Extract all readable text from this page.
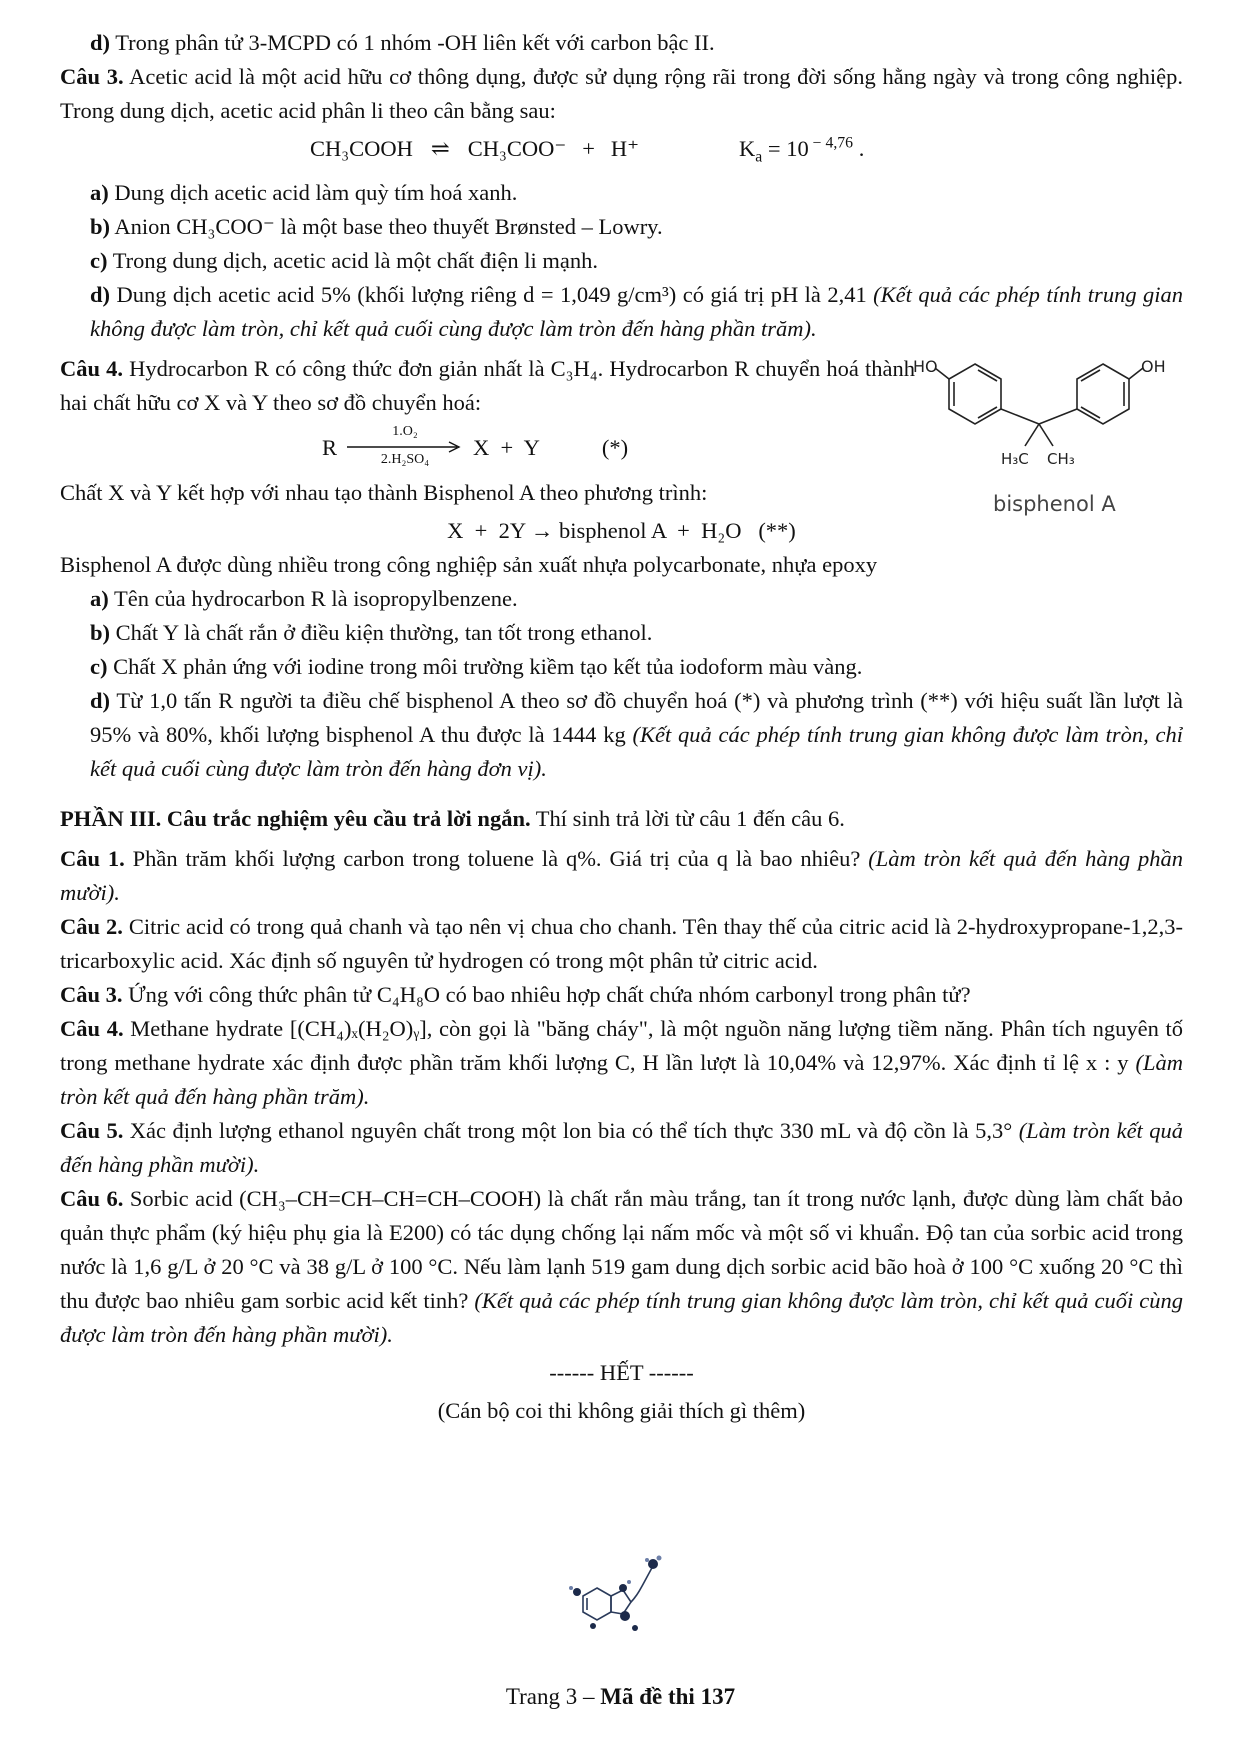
d) Trong phân tử 3-MCPD có 1 nhóm -OH liên kết với carbon bậc II.

Câu 3. Acetic acid là một acid hữu cơ thông dụng, được sử dụng rộng rãi trong đời sống hằng ngày và trong công nghiệp. Trong dung dịch, acetic acid phân li theo cân bằng sau:

CH₃COOH ⇌ CH₃COO⁻ + H⁺	$K_a = 10$ $^{- 4,76}$ .

a) Dung dịch acetic acid làm quỳ tím hoá xanh.

b) Anion CH₃COO⁻ là một base theo thuyết Brønsted – Lowry.

c) Trong dung dịch, acetic acid là một chất điện li mạnh.

d) Dung dịch acetic acid 5% (khối lượng riêng d = 1,049 g/cm³) có giá trị pH là 2,41 (Kết quả các phép tính trung gian không được làm tròn, chỉ kết quả cuối cùng được làm tròn đến hàng phần trăm).

Câu 4. Hydrocarbon R có công thức đơn giản nhất là C₃H₄. Hydrocarbon R chuyển hoá thành hai chất hữu cơ X và Y theo sơ đồ chuyển hoá:

HO	OH
H₃C CH₃
bisphenol A
R
1.O₂
2.H₂SO₄	X  +  Y	(*)

Chất X và Y kết hợp với nhau tạo thành Bisphenol A theo phương trình:

X  +  2Y → bisphenol A  +  H₂O   (**)

Bisphenol A được dùng nhiều trong công nghiệp sản xuất nhựa polycarbonate, nhựa epoxy

a) Tên của hydrocarbon R là isopropylbenzene.

b) Chất Y là chất rắn ở điều kiện thường, tan tốt trong ethanol.

c) Chất X phản ứng với iodine trong môi trường kiềm tạo kết tủa iodoform màu vàng.

d) Từ 1,0 tấn R người ta điều chế bisphenol A theo sơ đồ chuyển hoá (*) và phương trình (**) với hiệu suất lần lượt là 95% và 80%, khối lượng bisphenol A thu được là 1444 kg (Kết quả các phép tính trung gian không được làm tròn, chỉ kết quả cuối cùng được làm tròn đến hàng đơn vị).

PHẦN III. Câu trắc nghiệm yêu cầu trả lời ngắn. Thí sinh trả lời từ câu 1 đến câu 6.

Câu 1. Phần trăm khối lượng carbon trong toluene là q%. Giá trị của q là bao nhiêu? (Làm tròn kết quả đến hàng phần mười).

Câu 2. Citric acid có trong quả chanh và tạo nên vị chua cho chanh. Tên thay thế của citric acid là 2-hydroxypropane-1,2,3-tricarboxylic acid. Xác định số nguyên tử hydrogen có trong một phân tử citric acid.

Câu 3. Ứng với công thức phân tử C₄H₈O có bao nhiêu hợp chất chứa nhóm carbonyl trong phân tử?

Câu 4. Methane hydrate [(CH₄)ₓ(H₂O)ᵧ], còn gọi là "băng cháy", là một nguồn năng lượng tiềm năng. Phân tích nguyên tố trong methane hydrate xác định được phần trăm khối lượng C, H lần lượt là 10,04% và 12,97%. Xác định tỉ lệ x : y (Làm tròn kết quả đến hàng phần trăm).

Câu 5. Xác định lượng ethanol nguyên chất trong một lon bia có thể tích thực 330 mL và độ cồn là 5,3° (Làm tròn kết quả đến hàng phần mười).

Câu 6. Sorbic acid (CH₃–CH=CH–CH=CH–COOH) là chất rắn màu trắng, tan ít trong nước lạnh, được dùng làm chất bảo quản thực phẩm (ký hiệu phụ gia là E200) có tác dụng chống lại nấm mốc và một số vi khuẩn. Độ tan của sorbic acid trong nước là 1,6 g/L ở 20 °C và 38 g/L ở 100 °C. Nếu làm lạnh 519 gam dung dịch sorbic acid bão hoà ở 100 °C xuống 20 °C thì thu được bao nhiêu gam sorbic acid kết tinh? (Kết quả các phép tính trung gian không được làm tròn, chỉ kết quả cuối cùng được làm tròn đến hàng phần mười).

------ HẾT ------

(Cán bộ coi thi không giải thích gì thêm)

Trang 3 – Mã đề thi 137
